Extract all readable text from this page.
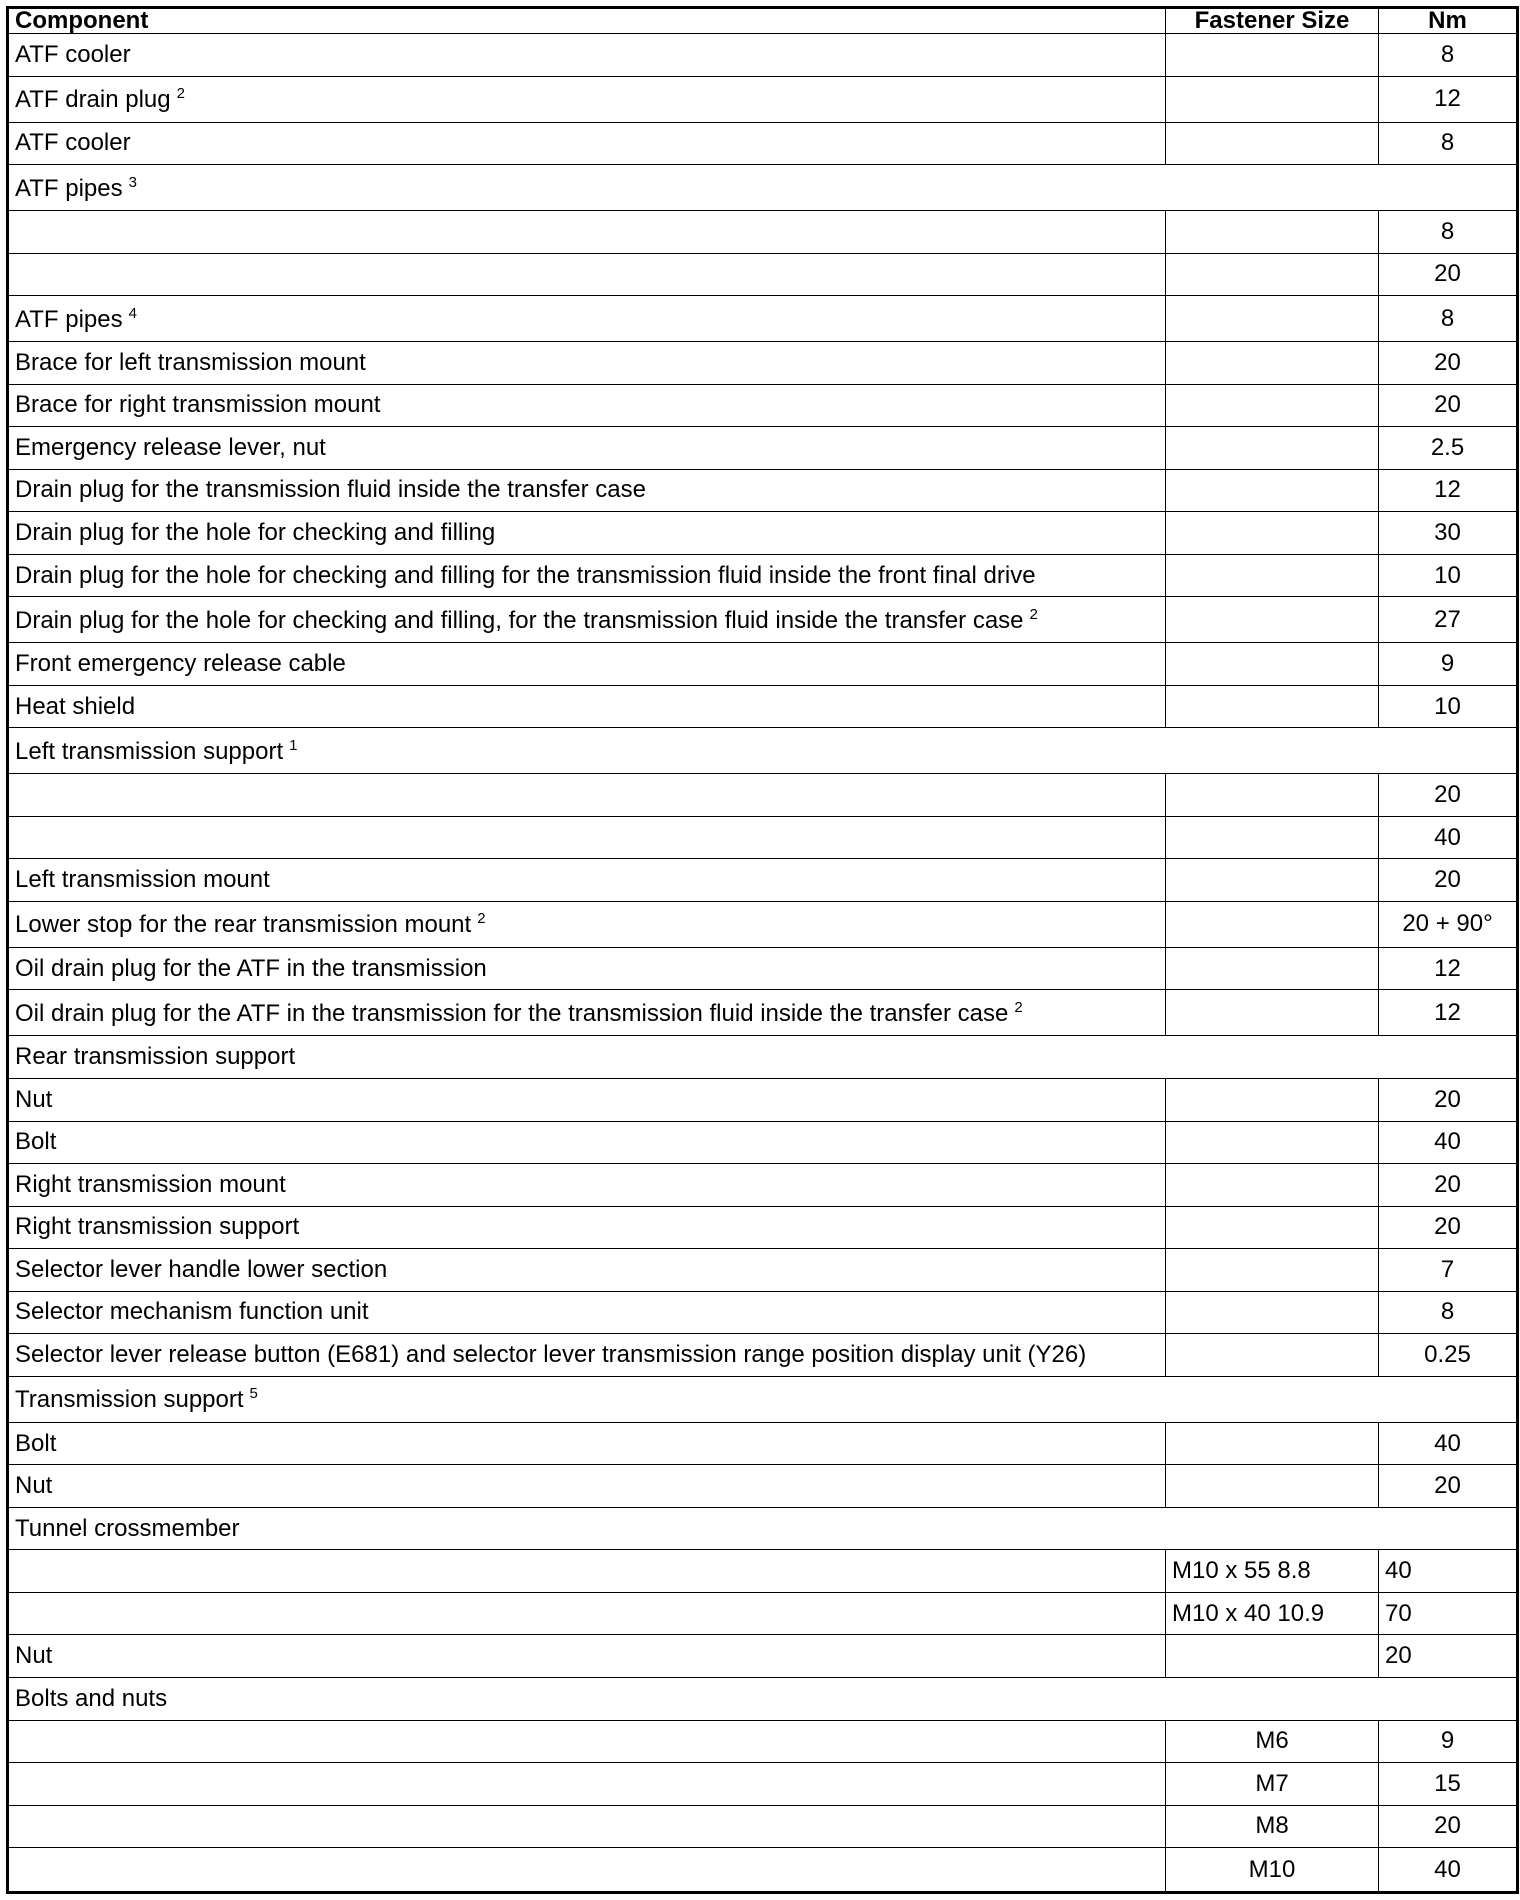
Component	Fastener Size	Nm
ATF cooler		8
ATF drain plug $^2$		12
ATF cooler		8
ATF pipes $^3$
		8
		20
ATF pipes $^4$		8
Brace for left transmission mount		20
Brace for right transmission mount		20
Emergency release lever, nut		2.5
Drain plug for the transmission fluid inside the transfer case		12
Drain plug for the hole for checking and filling		30
Drain plug for the hole for checking and filling for the transmission fluid inside the front final drive		10
Drain plug for the hole for checking and filling, for the transmission fluid inside the transfer case $^2$		27
Front emergency release cable		9
Heat shield		10
Left transmission support $^1$
		20
		40
Left transmission mount		20
Lower stop for the rear transmission mount $^2$		20 + 90°
Oil drain plug for the ATF in the transmission		12
Oil drain plug for the ATF in the transmission for the transmission fluid inside the transfer case $^2$		12
Rear transmission support		
Nut		20
Bolt		40
Right transmission mount		20
Right transmission support		20
Selector lever handle lower section		7
Selector mechanism function unit		8
Selector lever release button (E681) and selector lever transmission range position display unit (Y26)		0.25
Transmission support $^5$
Bolt		40
Nut		20
Tunnel crossmember		
	M10 x 55 8.8	40
	M10 x 40 10.9	70
Nut		20
Bolts and nuts		
	M6	9
	M7	15
	M8	20
	M10	40
